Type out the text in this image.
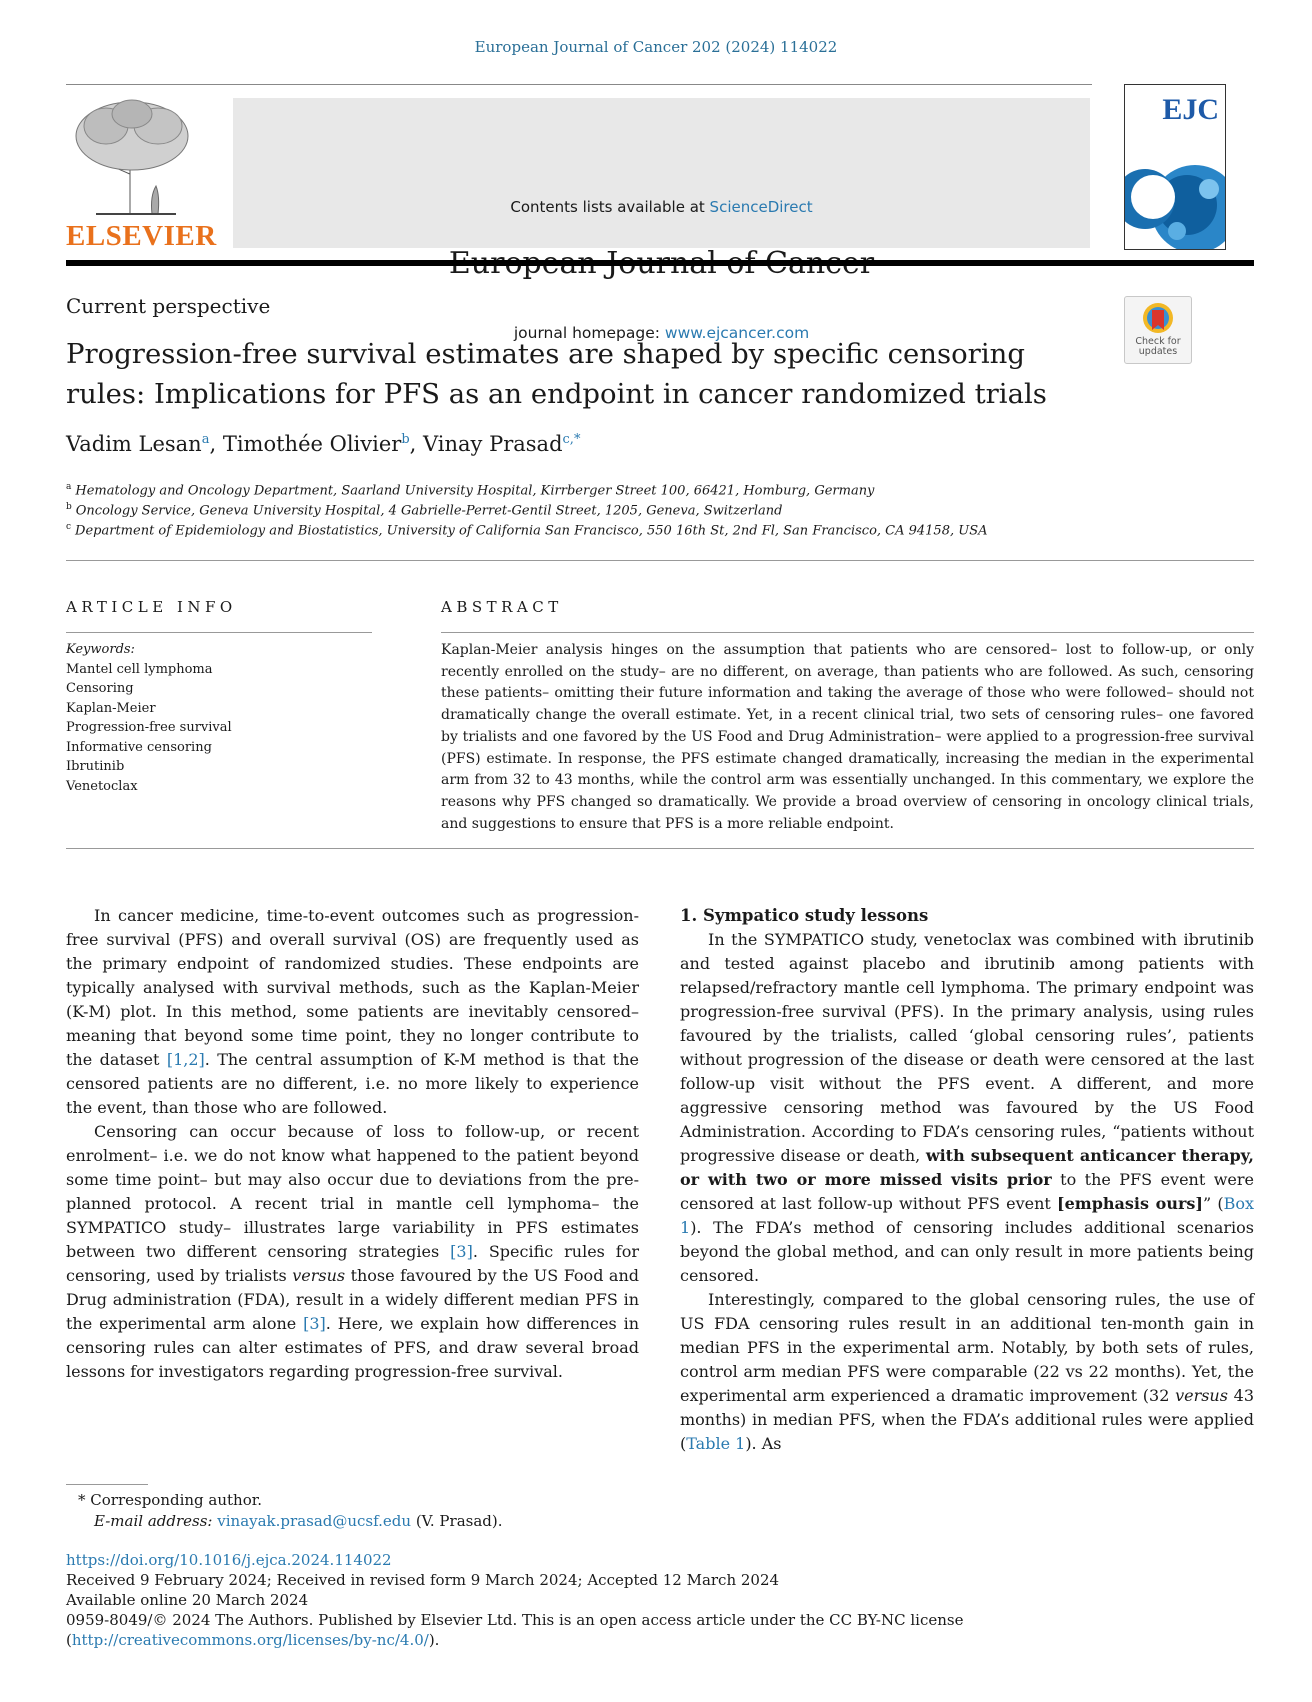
European Journal of Cancer 202 (2024) 114022
ELSEVIER
Contents lists available at ScienceDirect
journal homepage: www.ejcancer.com
EJC
Current perspective
Check for updates
Progression-free survival estimates are shaped by specific censoring rules: Implications for PFS as an endpoint in cancer randomized trials
Vadim Lesan$^a$, Timothée Olivier$^b$, Vinay Prasad$^{c,*}$
$^a$ Hematology and Oncology Department, Saarland University Hospital, Kirrberger Street 100, 66421, Homburg, Germany
$^b$ Oncology Service, Geneva University Hospital, 4 Gabrielle-Perret-Gentil Street, 1205, Geneva, Switzerland
$^c$ Department of Epidemiology and Biostatistics, University of California San Francisco, 550 16th St, 2nd Fl, San Francisco, CA 94158, USA
ARTICLE INFO
Keywords:
Mantel cell lymphoma
Censoring
Kaplan-Meier
Progression-free survival
Informative censoring
Ibrutinib
Venetoclax
ABSTRACT
Kaplan-Meier analysis hinges on the assumption that patients who are censored– lost to follow-up, or only recently enrolled on the study– are no different, on average, than patients who are followed. As such, censoring these patients– omitting their future information and taking the average of those who were followed– should not dramatically change the overall estimate. Yet, in a recent clinical trial, two sets of censoring rules– one favored by trialists and one favored by the US Food and Drug Administration– were applied to a progression-free survival (PFS) estimate. In response, the PFS estimate changed dramatically, increasing the median in the experimental arm from 32 to 43 months, while the control arm was essentially unchanged. In this commentary, we explore the reasons why PFS changed so dramatically. We provide a broad overview of censoring in oncology clinical trials, and suggestions to ensure that PFS is a more reliable endpoint.

In cancer medicine, time-to-event outcomes such as progression-free survival (PFS) and overall survival (OS) are frequently used as the primary endpoint of randomized studies. These endpoints are typically analysed with survival methods, such as the Kaplan-Meier (K-M) plot. In this method, some patients are inevitably censored– meaning that beyond some time point, they no longer contribute to the dataset [1,2]. The central assumption of K-M method is that the censored patients are no different, i.e. no more likely to experience the event, than those who are followed.

Censoring can occur because of loss to follow-up, or recent enrolment– i.e. we do not know what happened to the patient beyond some time point– but may also occur due to deviations from the pre-planned protocol. A recent trial in mantle cell lymphoma– the SYMPATICO study– illustrates large variability in PFS estimates between two different censoring strategies [3]. Specific rules for censoring, used by trialists versus those favoured by the US Food and Drug administration (FDA), result in a widely different median PFS in the experimental arm alone [3]. Here, we explain how differences in censoring rules can alter estimates of PFS, and draw several broad lessons for investigators regarding progression-free survival.

1. Sympatico study lessons

In the SYMPATICO study, venetoclax was combined with ibrutinib and tested against placebo and ibrutinib among patients with relapsed/refractory mantle cell lymphoma. The primary endpoint was progression-free survival (PFS). In the primary analysis, using rules favoured by the trialists, called ‘global censoring rules’, patients without progression of the disease or death were censored at the last follow-up visit without the PFS event. A different, and more aggressive censoring method was favoured by the US Food Administration. According to FDA’s censoring rules, “patients without progressive disease or death, with subsequent anticancer therapy, or with two or more missed visits prior to the PFS event were censored at last follow-up without PFS event [emphasis ours]” (Box 1). The FDA’s method of censoring includes additional scenarios beyond the global method, and can only result in more patients being censored.

Interestingly, compared to the global censoring rules, the use of US FDA censoring rules result in an additional ten-month gain in median PFS in the experimental arm. Notably, by both sets of rules, control arm median PFS were comparable (22 vs 22 months). Yet, the experimental arm experienced a dramatic improvement (32 versus 43 months) in median PFS, when the FDA’s additional rules were applied (Table 1). As

* Corresponding author.
E-mail address: vinayak.prasad@ucsf.edu (V. Prasad).
https://doi.org/10.1016/j.ejca.2024.114022
Received 9 February 2024; Received in revised form 9 March 2024; Accepted 12 March 2024
Available online 20 March 2024
0959-8049/© 2024 The Authors. Published by Elsevier Ltd. This is an open access article under the CC BY-NC license (http://creativecommons.org/licenses/by-nc/4.0/).
